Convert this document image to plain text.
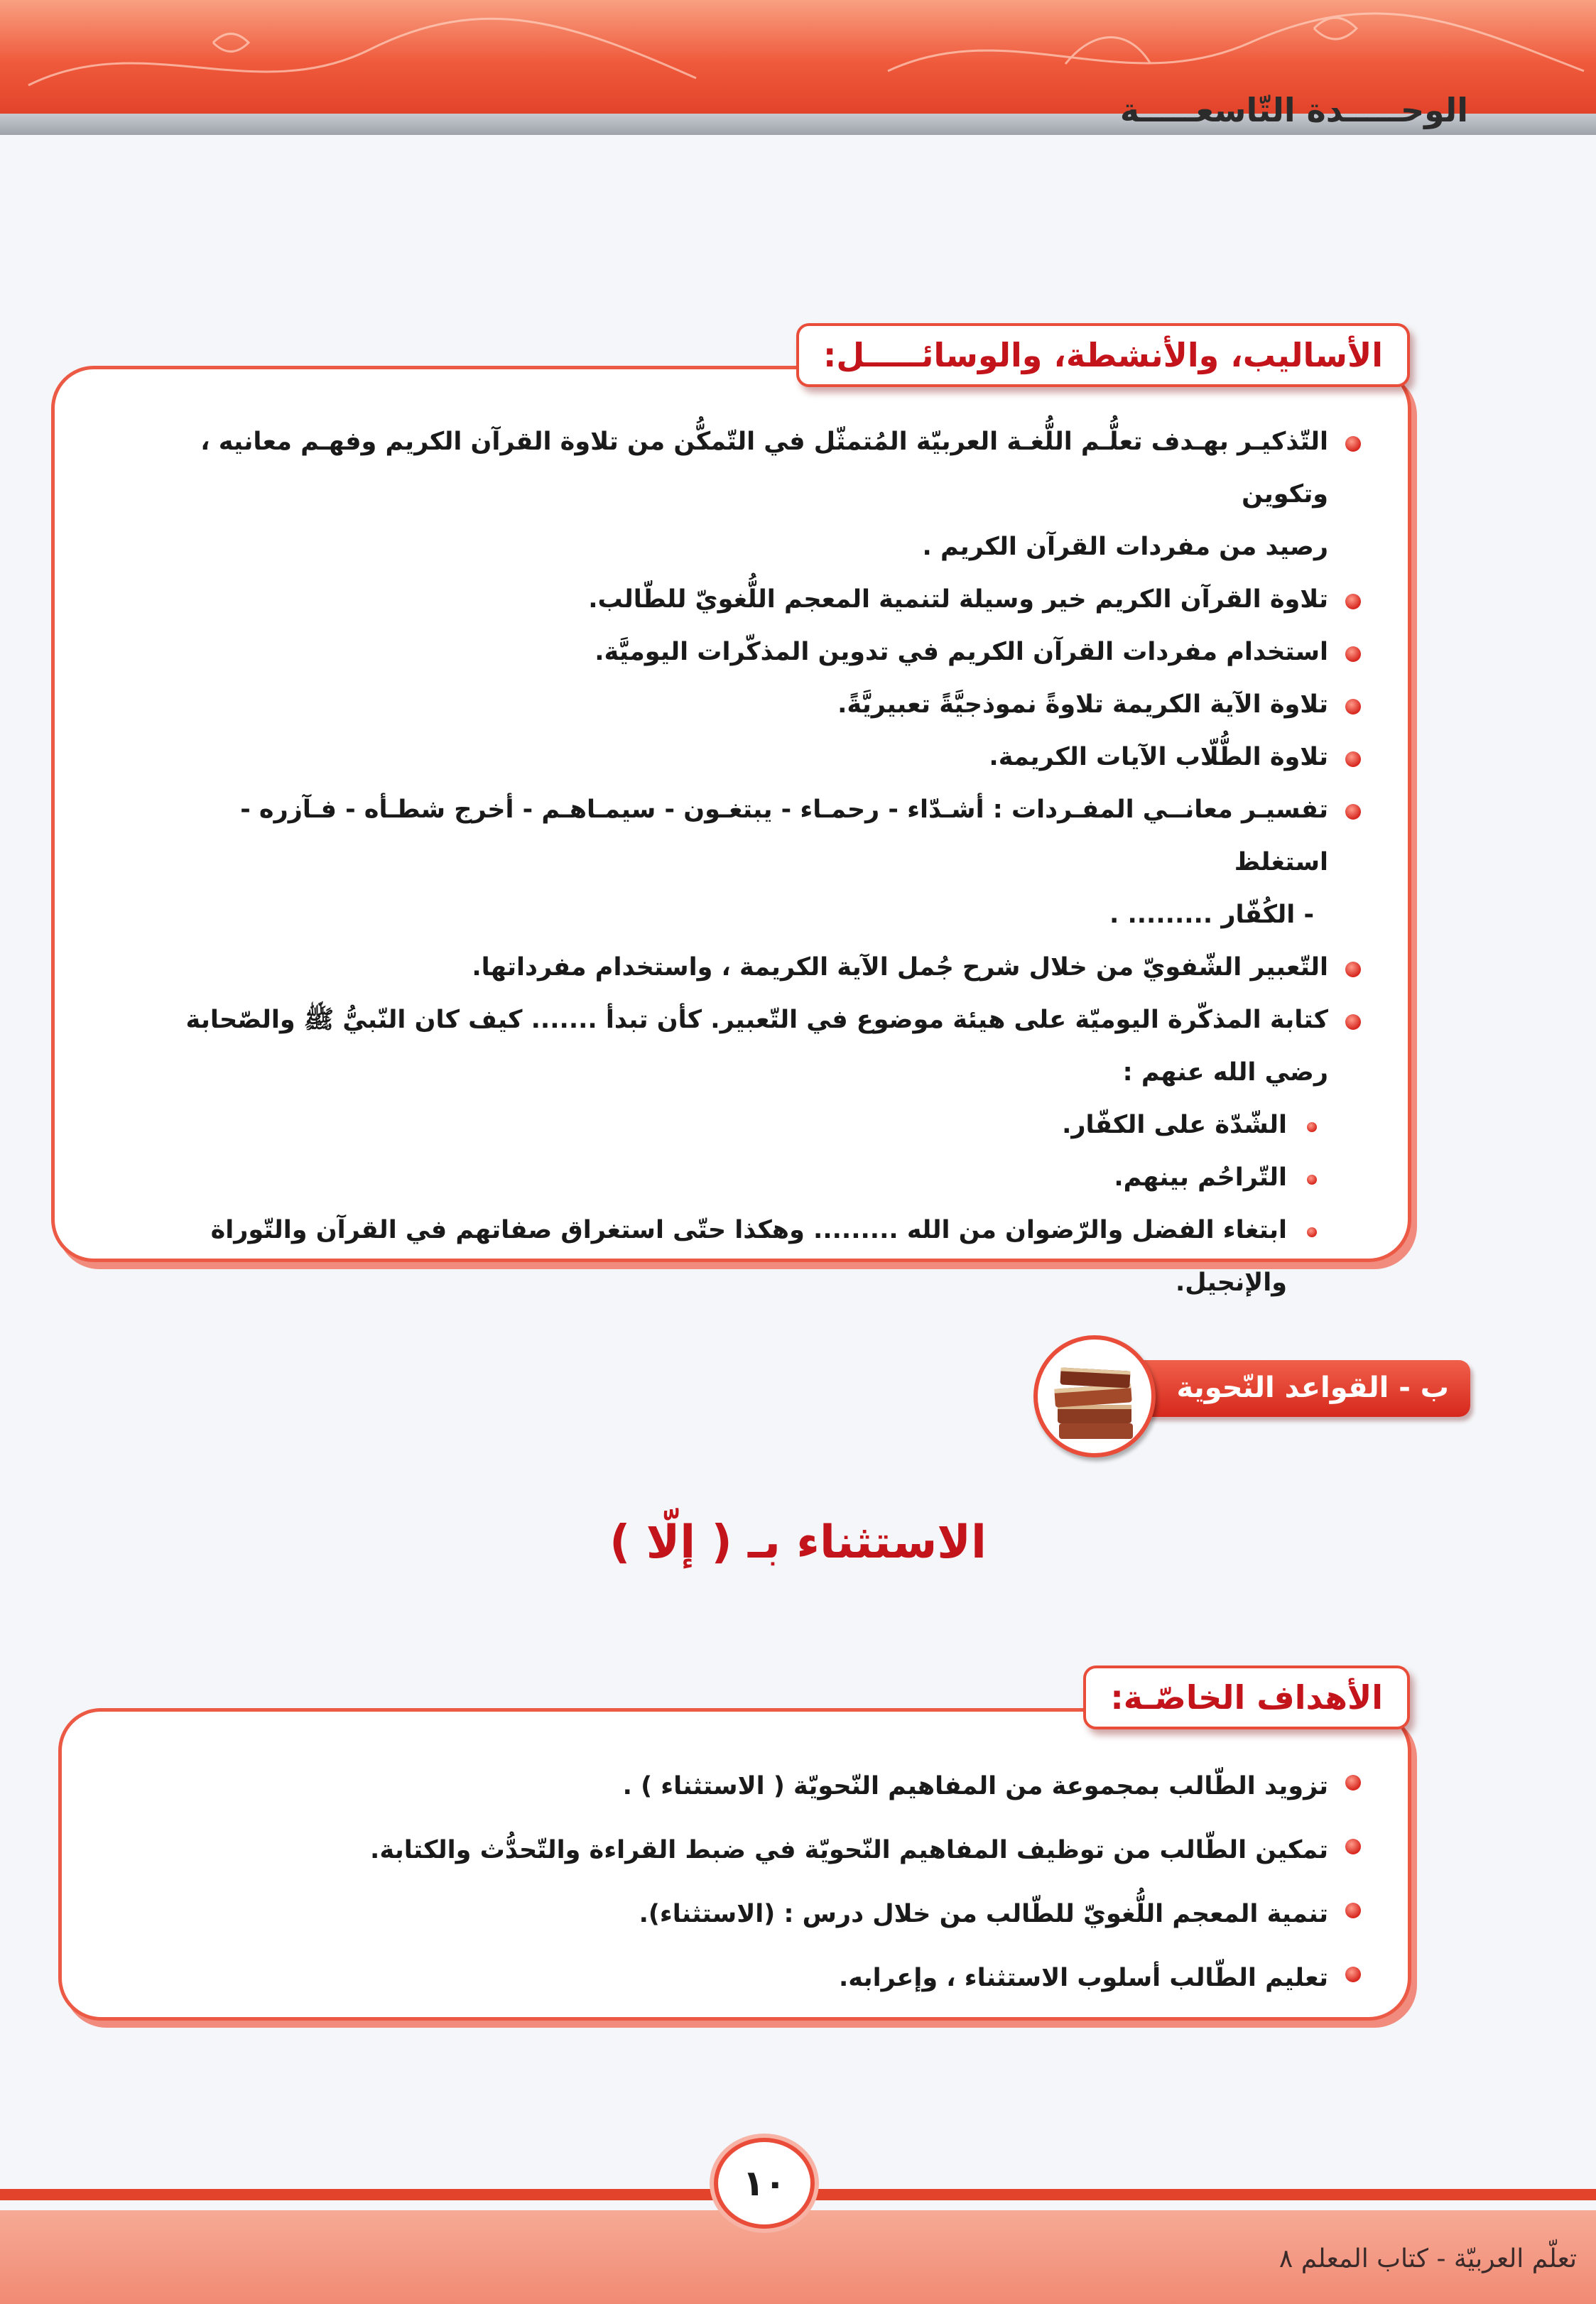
الوحـــــدة التّاسعـــــة
الأساليب، والأنشطة، والوسائـــــل:
التّذكيـر بهـدف تعلُّـم اللُّغـة العربيّة المُتمثّل في التّمكُّن من تلاوة القرآن الكريم وفهـم معانيه ، وتكوين
رصيد من مفردات القرآن الكريم .
تلاوة القرآن الكريم خير وسيلة لتنمية المعجم اللُّغويّ للطّالب.
استخدام مفردات القرآن الكريم في تدوين المذكّرات اليوميَّة.
تلاوة الآية الكريمة تلاوةً نموذجيَّةً تعبيريَّةً.
تلاوة الطُّلّاب الآيات الكريمة.
تفسيـر معانــي المفـردات : أشـدّاء - رحمـاء - يبتغـون - سيمـاهـم - أخرج شطـأه - فـآزره - استغلظ
- الكُفّار ......... .
التّعبير الشّفويّ من خلال شرح جُمل الآية الكريمة ، واستخدام مفرداتها.
كتابة المذكّرة اليوميّة على هيئة موضوع في التّعبير. كأن تبدأ ....... كيف كان النّبيُّ ﷺ والصّحابة رضي الله عنهم :
الشّدّة على الكفّار.
التّراحُم بينهم.
ابتغاء الفضل والرّضوان من الله ......... وهكذا حتّى استغراق صفاتهم في القرآن والتّوراة والإنجيل.
ب - القواعد النّحوية
الاستثناء بـ ( إلّا )
الأهداف الخاصّـة:
تزويد الطّالب بمجموعة من المفاهيم النّحويّة ( الاستثناء ) .
تمكين الطّالب من توظيف المفاهيم النّحويّة في ضبط القراءة والتّحدُّث والكتابة.
تنمية المعجم اللُّغويّ للطّالب من خلال درس : (الاستثناء).
تعليم الطّالب أسلوب الاستثناء ، وإعرابه.
١٠
تعلّم العربيّة - كتاب المعلم ٨
